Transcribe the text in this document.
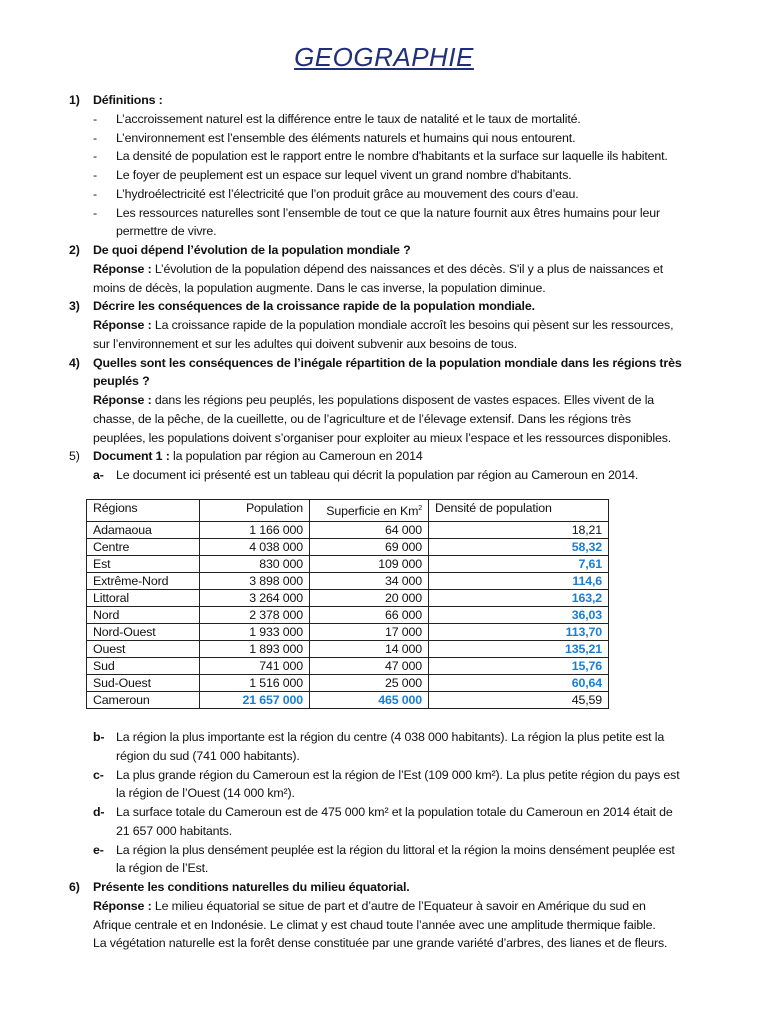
GEOGRAPHIE
1) Définitions :
- L’accroissement naturel est la différence entre le taux de natalité et le taux de mortalité.
- L’environnement est l’ensemble des éléments naturels et humains qui nous entourent.
- La densité de population est le rapport entre le nombre d'habitants et la surface sur laquelle ils habitent.
- Le foyer de peuplement est un espace sur lequel vivent un grand nombre d'habitants.
- L’hydroélectricité est l’électricité que l’on produit grâce au mouvement des cours d’eau.
- Les ressources naturelles sont l’ensemble de tout ce que la nature fournit aux êtres humains pour leur
permettre de vivre.
2) De quoi dépend l’évolution de la population mondiale ?
Réponse : L’évolution de la population dépend des naissances et des décès. S'il y a plus de naissances et
moins de décès, la population augmente. Dans le cas inverse, la population diminue.
3) Décrire les conséquences de la croissance rapide de la population mondiale.
Réponse : La croissance rapide de la population mondiale accroît les besoins qui pèsent sur les ressources,
sur l’environnement et sur les adultes qui doivent subvenir aux besoins de tous.
4) Quelles sont les conséquences de l’inégale répartition de la population mondiale dans les régions très
peuplés ?
Réponse : dans les régions peu peuplés, les populations disposent de vastes espaces. Elles vivent de la
chasse, de la pêche, de la cueillette, ou de l’agriculture et de l’élevage extensif. Dans les régions très
peuplées, les populations doivent s’organiser pour exploiter au mieux l’espace et les ressources disponibles.
5) Document 1 : la population par région au Cameroun en 2014
a- Le document ici présenté est un tableau qui décrit la population par région au Cameroun en 2014.
Régions	Population	Superficie en Km$^2$	Densité de population
Adamaoua	1 166 000	64 000	18,21
Centre	4 038 000	69 000	58,32
Est	830 000	109 000	7,61
Extrême-Nord	3 898 000	34 000	114,6
Littoral	3 264 000	20 000	163,2
Nord	2 378 000	66 000	36,03
Nord-Ouest	1 933 000	17 000	113,70
Ouest	1 893 000	14 000	135,21
Sud	741 000	47 000	15,76
Sud-Ouest	1 516 000	25 000	60,64
Cameroun	21 657 000	465 000	45,59
b- La région la plus importante est la région du centre (4 038 000 habitants). La région la plus petite est la
région du sud (741 000 habitants).
c- La plus grande région du Cameroun est la région de l’Est (109 000 km²). La plus petite région du pays est
la région de l’Ouest (14 000 km²).
d- La surface totale du Cameroun est de 475 000 km² et la population totale du Cameroun en 2014 était de
21 657 000 habitants.
e- La région la plus densément peuplée est la région du littoral et la région la moins densément peuplée est
la région de l’Est.
6) Présente les conditions naturelles du milieu équatorial.
Réponse : Le milieu équatorial se situe de part et d’autre de l’Equateur à savoir en Amérique du sud en
Afrique centrale et en Indonésie. Le climat y est chaud toute l’année avec une amplitude thermique faible.
La végétation naturelle est la forêt dense constituée par une grande variété d’arbres, des lianes et de fleurs.
